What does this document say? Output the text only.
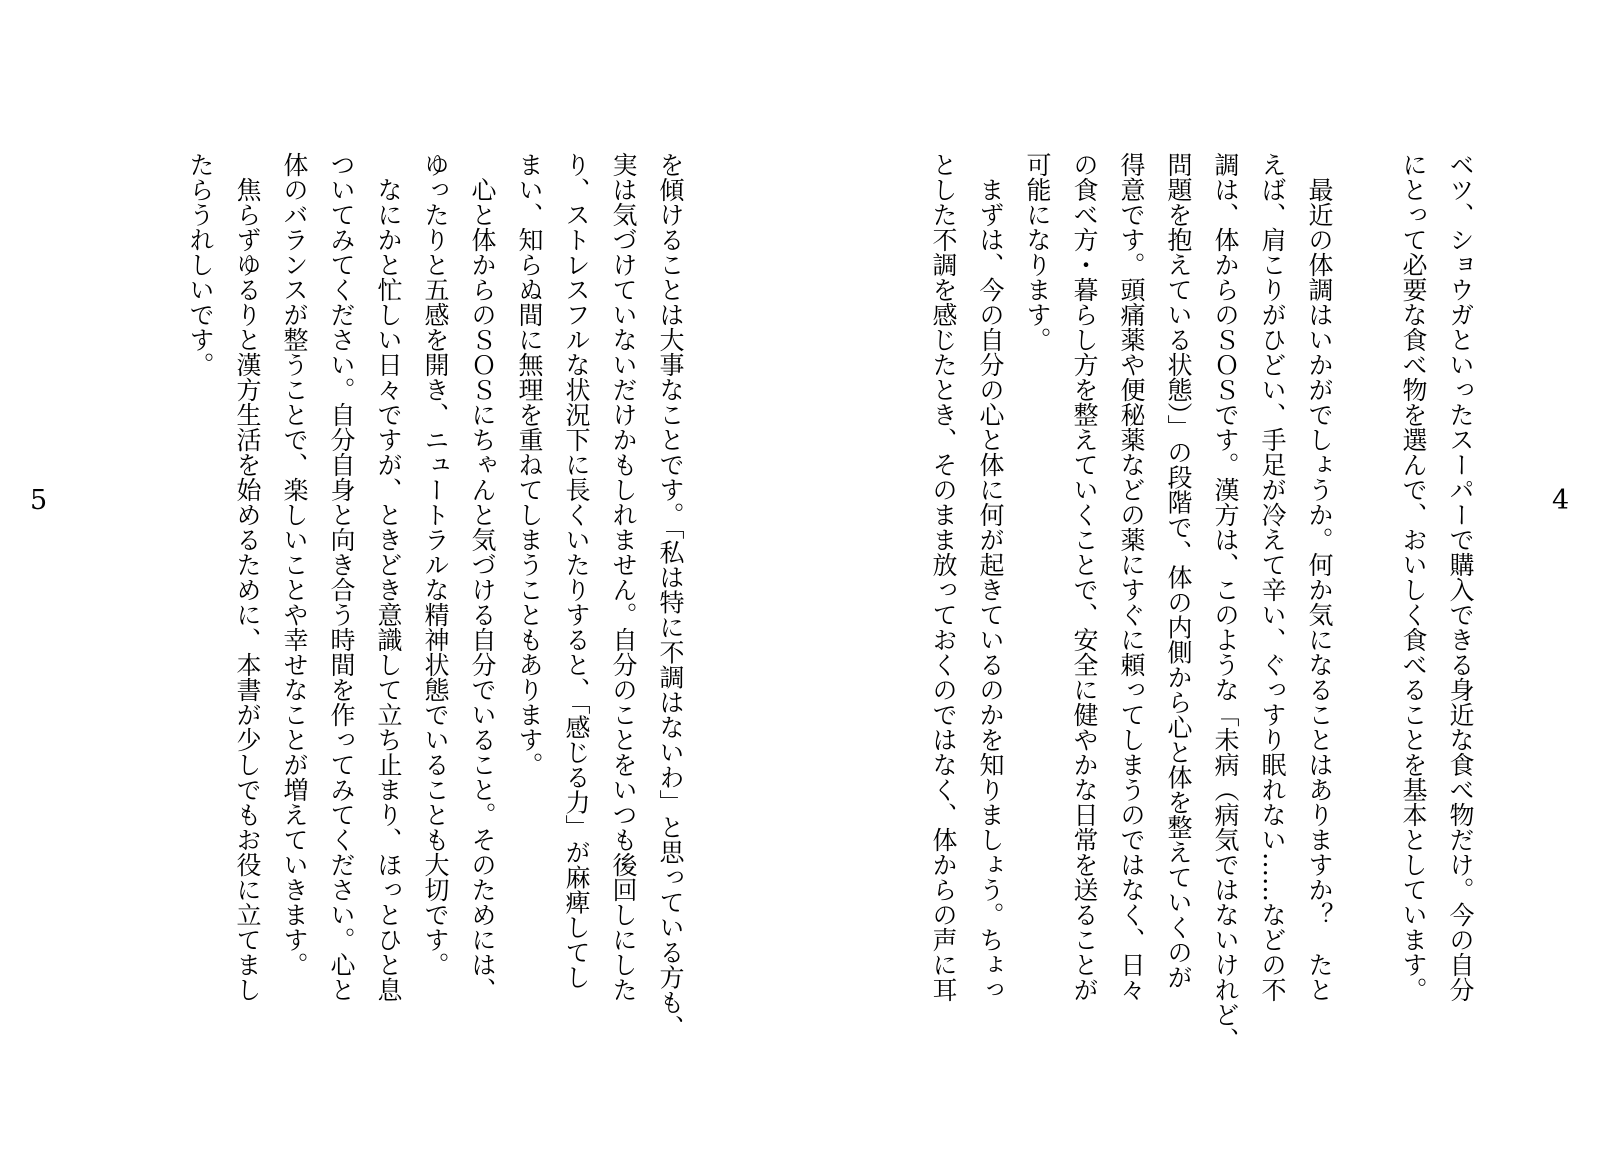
ベツ、ショウガといったスーパーで購入できる身近な食べ物だけ。今の自分
にとって必要な食べ物を選んで、おいしく食べることを基本としています。
　最近の体調はいかがでしょうか。何か気になることはありますか？　たと
えば、肩こりがひどい、手足が冷えて辛い、ぐっすり眠れない……などの不
調は、体からのＳＯＳです。漢方は、このような「未病（病気ではないけれど、
問題を抱えている状態）」の段階で、体の内側から心と体を整えていくのが
得意です。頭痛薬や便秘薬などの薬にすぐに頼ってしまうのではなく、日々
の食べ方・暮らし方を整えていくことで、安全に健やかな日常を送ることが
可能になります。
　まずは、今の自分の心と体に何が起きているのかを知りましょう。ちょっ
とした不調を感じたとき、そのまま放っておくのではなく、体からの声に耳
を傾けることは大事なことです。「私は特に不調はないわ」と思っている方も、
実は気づけていないだけかもしれません。自分のことをいつも後回しにした
り、ストレスフルな状況下に長くいたりすると、「感じる力」が麻痺してし
まい、知らぬ間に無理を重ねてしまうこともあります。
　心と体からのＳＯＳにちゃんと気づける自分でいること。そのためには、
ゆったりと五感を開き、ニュートラルな精神状態でいることも大切です。
　なにかと忙しい日々ですが、ときどき意識して立ち止まり、ほっとひと息
ついてみてください。自分自身と向き合う時間を作ってみてください。心と
体のバランスが整うことで、楽しいことや幸せなことが増えていきます。
　焦らずゆるりと漢方生活を始めるために、本書が少しでもお役に立てまし
たらうれしいです。
4
5
